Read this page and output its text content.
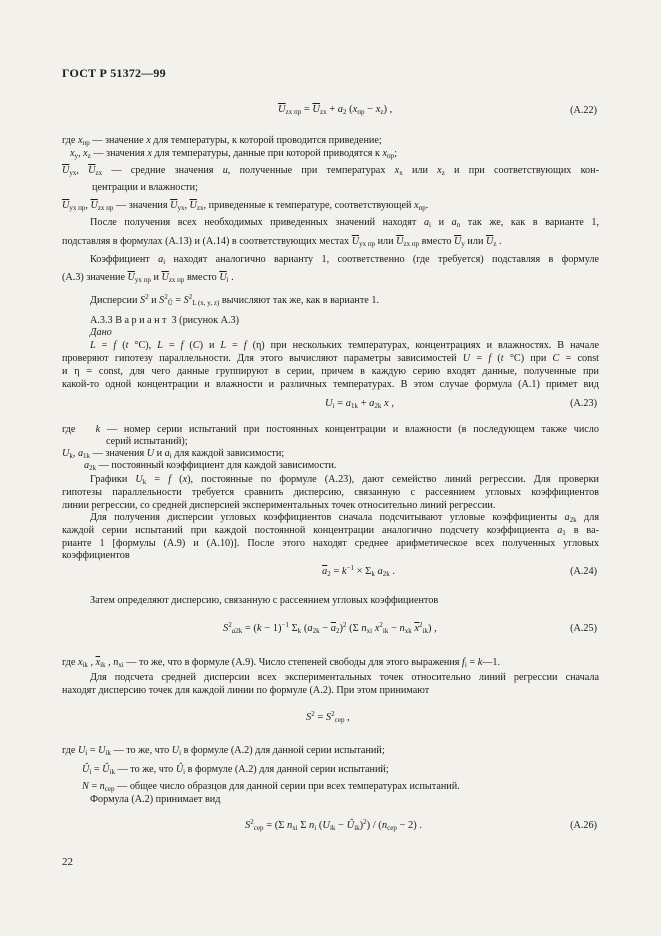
ГОСТ Р 51372—99
$\overline{U}_{zx пр} = \overline{U}_{zx} + a_2$ $(x_{пр} - x_z)$ ,	(А.22)
где $x_{пр}$ — значение x для температуры, к которой проводится приведение;
$x_y$, $x_z$ — значения x для температуры, данные при которой приводятся к $x_{пр}$;
$\overline{U}_{yx}$, $\overline{U}_{zx}$ — средние значения u, полученные при температурах $x_x$ или $x_z$ и при соответствующих кон-
центрации и влажности;
$\overline{U}_{yx пр}$, $\overline{U}_{zx пр}$ — значения $\overline{U}_{yx}$, $\overline{U}_{zx}$, приведенные к температуре, соответствующей $x_{пр}$.
После получения всех необходимых приведенных значений находят $a_i$ и $a_n$ так же, как в варианте 1,
подставляя в формулах (А.13) и (А.14) в соответствующих местах $\overline{U}_{yx пр}$ или $\overline{U}_{zx пр}$ вместо $\overline{U}_y$ или $\overline{U}_z$ .
Коэффициент $a_i$ находят аналогично варианту 1, соответственно (где требуется) подставляя в формуле
(А.3) значение $\overline{U}_{yx пр}$ и $\overline{U}_{zx пр}$ вместо $\overline{U}_i$ .
Дисперсии $S^2$ и $S^2_Û = S^2_{L (x, y, z)}$ вычисляют так же, как в варианте 1.
А.3.3 Вариант 3 (рисунок А.3)
Дано
L = f (t °C), L = f (C) и L = f (η) при нескольких температурах, концентрациях и влажностях. В начале
проверяют гипотезу параллельности. Для этого вычисляют параметры зависимостей U = f (t °C) при C = const
и η = const, для чего данные группируют в серии, причем в каждую серию входят данные, полученные при
какой-то одной концентрации и влажности и различных температурах. В этом случае формула (А.1) примет вид
$U_i = a_{1k} + a_{2k}$ x ,	(А.23)
где   k — номер серии испытаний при постоянных концентрации и влажности (в последующем также число
серий испытаний);
$U_k$, $a_{1k}$ — значения U и $a_i$ для каждой зависимости;
$a_{2k}$ — постоянный коэффициент для каждой зависимости.
Графики $U_k = f$ (x), постоянные по формуле (А.23), дают семейство линий регрессии. Для проверки
гипотезы параллельности требуется сравнить дисперсию, связанную с рассеянием угловых коэффициентов
линии регрессии, со средней дисперсией экспериментальных точек относительно линий регрессии.
Для получения дисперсии угловых коэффициентов сначала подсчитывают угловые коэффициенты $a_{2k}$ для
каждой серии испытаний при каждой постоянной концентрации аналогично подсчету коэффициента $a_1$ в ва-
рианте 1 [формулы (А.9) и (А.10)]. После этого находят среднее арифметическое всех полученных угловых
коэффициентов
$\overline{a}_2 = k^{-1} \times \Sigma_k$ $a_{2k}$ .	(А.24)
Затем определяют дисперсию, связанную с рассеянием угловых коэффициентов
$S^2_{a2k} = (k - 1)^{-1}$ $\Sigma_k$ $(a_{2k} - \overline{a}_2)^2$ (Σ $n_{xi}$ $x^2_{ik} - n_{xk}$ $\overline{x}^2_{ik}$) ,	(А.25)
где $x_{ik}$ , $\overline{x}_{ik}$ , $n_{xi}$ — то же, что в формуле (А.9). Число степеней свободы для этого выражения $f_i$ = k—1.
Для подсчета средней дисперсии всех экспериментальных точек относительно линий регрессии сначала
находят дисперсию точек для каждой линии по формуле (А.2). При этом принимают
$S^2 = S^2_{сер}$ ,
где $U_i = U_{ik}$ — то же, что $U_i$ в формуле (А.2) для данной серии испытаний;
$Û_i$ = $Û_{ik}$ — то же, что $Û_i$ в формуле (А.2) для данной серии испытаний;
$N = n_{сер}$ — общее число образцов для данной серии при всех температурах испытаний.
Формула (А.2) принимает вид
$S^2_{сер} = (\Sigma$ $n_{xi}$ Σ $n_i$ ($U_{ik}$ − $Û_{ik})^2) / (n_{сер} - 2)$ .	(А.26)
22
